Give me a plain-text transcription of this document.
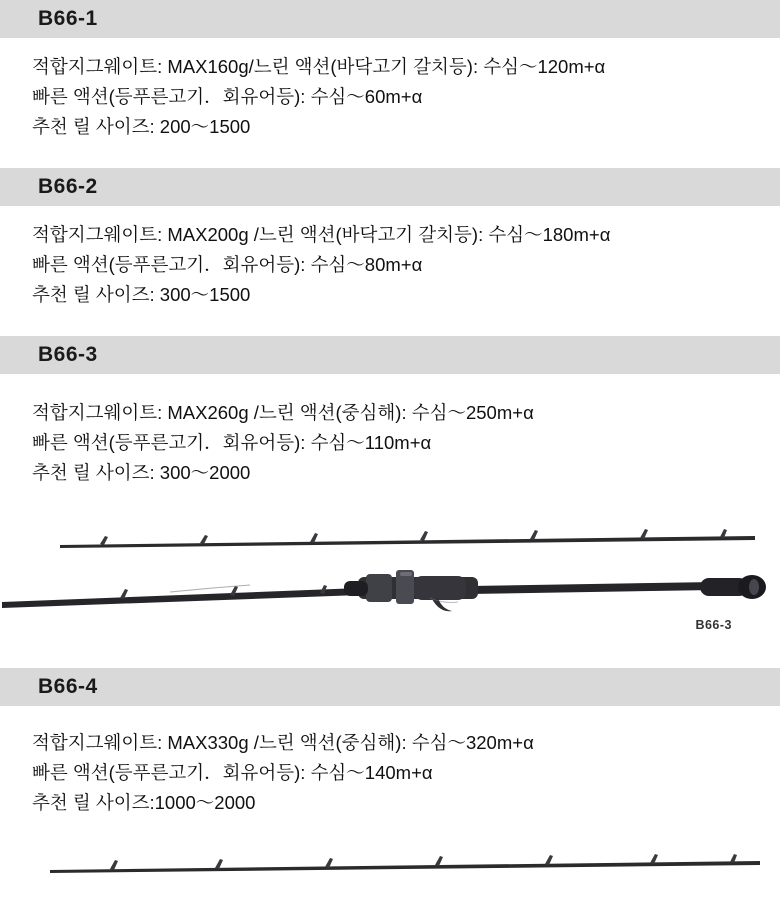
B66-1
적합지그웨이트: MAX160g/느린 액션(바닥고기 갈치등): 수심～120m+α
빠른 액션(등푸른고기．회유어등): 수심～60m+α
추천 릴 사이즈: 200～1500
B66-2
적합지그웨이트: MAX200g /느린 액션(바닥고기 갈치등): 수심～180m+α
빠른 액션(등푸른고기．회유어등): 수심～80m+α
추천 릴 사이즈: 300～1500
B66-3
적합지그웨이트: MAX260g /느린 액션(중심해): 수심～250m+α
빠른 액션(등푸른고기．회유어등): 수심～110m+α
추천 릴 사이즈: 300～2000
B66-3
B66-4
적합지그웨이트: MAX330g /느린 액션(중심해): 수심～320m+α
빠른 액션(등푸른고기．회유어등): 수심～140m+α
추천 릴 사이즈:1000～2000
